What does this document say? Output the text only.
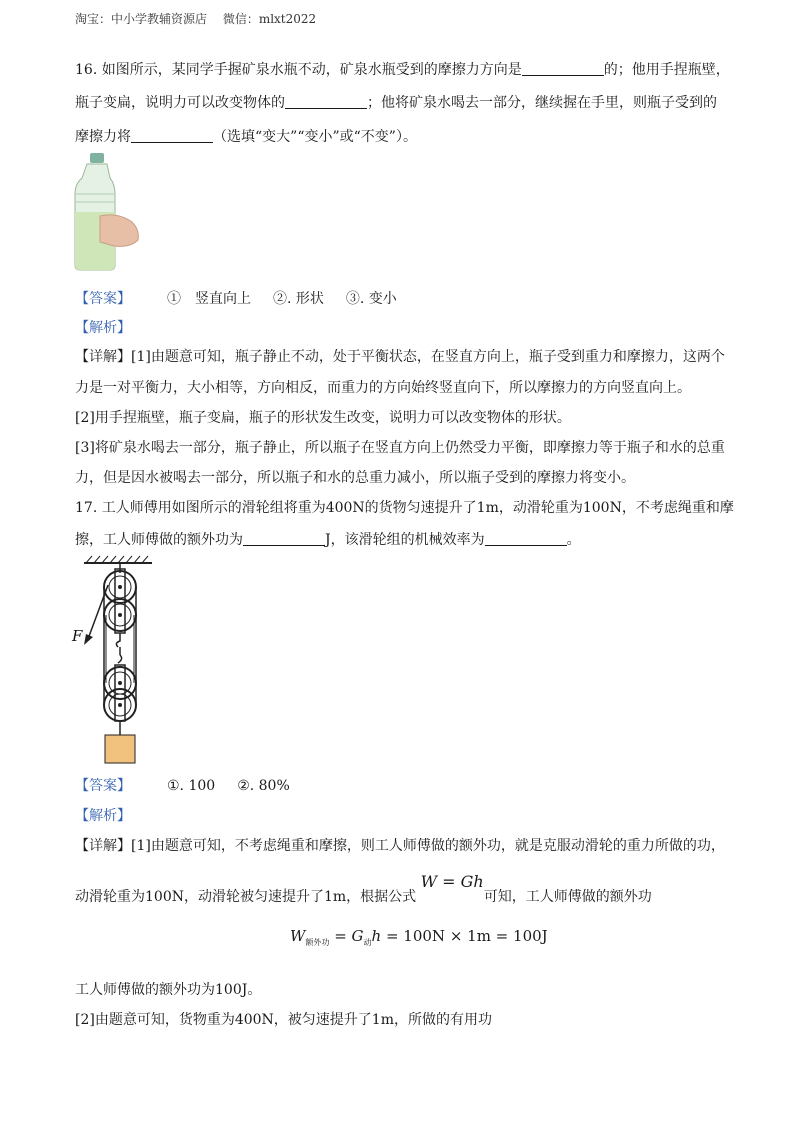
淘宝：中小学教辅资源店　 微信：mlxt2022
16. 如图所示，某同学手握矿泉水瓶不动，矿泉水瓶受到的摩擦力方向是	的；他用手捏瓶壁，
瓶子变扁，说明力可以改变物体的	；他将矿泉水喝去一部分，继续握在手里，则瓶子受到的
摩擦力将	（选填“变大”“变小”或“不变”）。
【答案】	①　竖直向上 ②. 形状 ③. 变小
【解析】
【详解】[1]由题意可知，瓶子静止不动，处于平衡状态，在竖直方向上，瓶子受到重力和摩擦力，这两个
力是一对平衡力，大小相等，方向相反，而重力的方向始终竖直向下，所以摩擦力的方向竖直向上。
[2]用手捏瓶壁，瓶子变扁，瓶子的形状发生改变，说明力可以改变物体的形状。
[3]将矿泉水喝去一部分，瓶子静止，所以瓶子在竖直方向上仍然受力平衡，即摩擦力等于瓶子和水的总重
力，但是因水被喝去一部分，所以瓶子和水的总重力减小，所以瓶子受到的摩擦力将变小。
17. 工人师傅用如图所示的滑轮组将重为400N的货物匀速提升了1m，动滑轮重为100N，不考虑绳重和摩
擦，工人师傅做的额外功为	J，该滑轮组的机械效率为	。
F
【答案】	①. 100 ②. 80%
【解析】
【详解】[1]由题意可知，不考虑绳重和摩擦，则工人师傅做的额外功，就是克服动滑轮的重力所做的功，
动滑轮重为100N，动滑轮被匀速提升了1m，根据公式 W = Gh可知，工人师傅做的额外功
$W_{额外功} = G_动h = 100N \times 1m = 100J$
工人师傅做的额外功为100J。
[2]由题意可知，货物重为400N，被匀速提升了1m，所做的有用功
